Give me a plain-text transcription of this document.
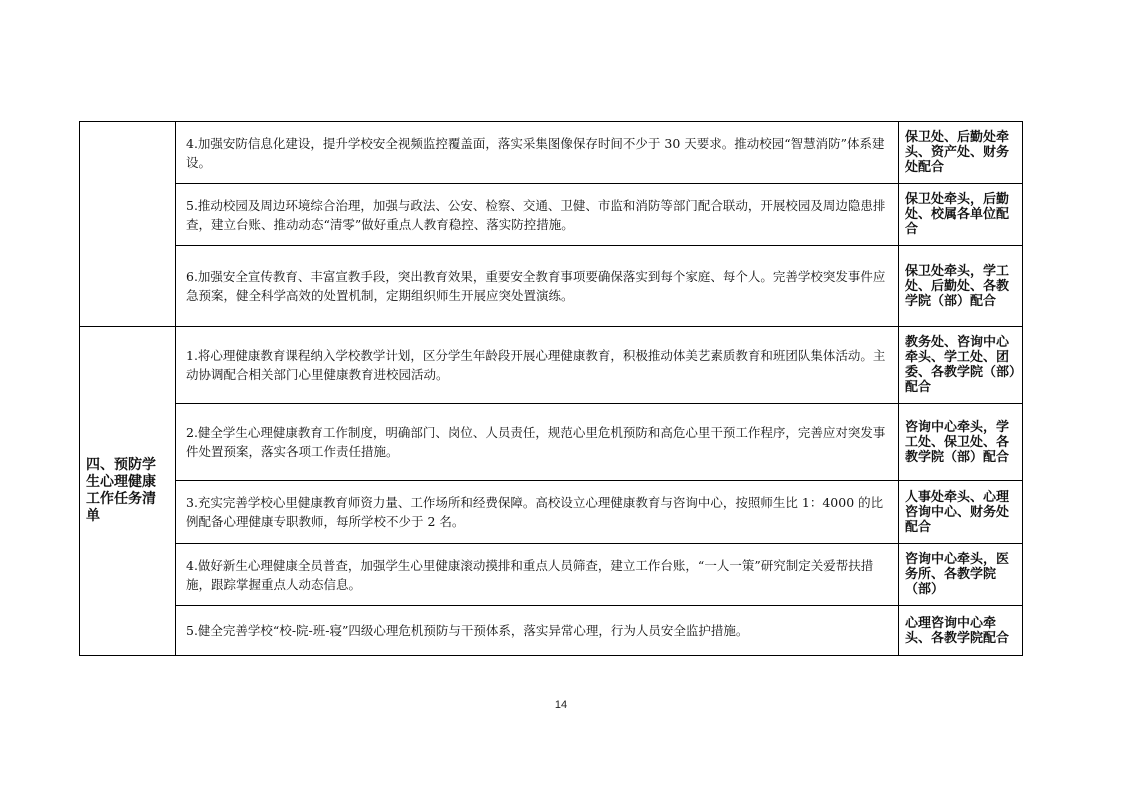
	4.加强安防信息化建设，提升学校安全视频监控覆盖面，落实采集图像保存时间不少于 30 天要求。推动校园“智慧消防”体系建设。	保卫处、后勤处牵头、资产处、财务处配合

	5.推动校园及周边环境综合治理，加强与政法、公安、检察、交通、卫健、市监和消防等部门配合联动，开展校园及周边隐患排查，建立台账、推动动态“清零”做好重点人教育稳控、落实防控措施。	保卫处牵头，后勤处、校属各单位配合

	6.加强安全宣传教育、丰富宣教手段，突出教育效果，重要安全教育事项要确保落实到每个家庭、每个人。完善学校突发事件应急预案，健全科学高效的处置机制，定期组织师生开展应突处置演练。	保卫处牵头，学工处、后勤处、各教学院（部）配合
四、预防学生心理健康工作任务清单	1.将心理健康教育课程纳入学校教学计划，区分学生年龄段开展心理健康教育，积极推动体美艺素质教育和班团队集体活动。主动协调配合相关部门心里健康教育进校园活动。	教务处、咨询中心牵头、学工处、团委、各教学院（部）配合

	2.健全学生心理健康教育工作制度，明确部门、岗位、人员责任，规范心里危机预防和高危心里干预工作程序，完善应对突发事件处置预案，落实各项工作责任措施。	咨询中心牵头，学工处、保卫处、各教学院（部）配合

	3.充实完善学校心里健康教育师资力量、工作场所和经费保障。高校设立心理健康教育与咨询中心，按照师生比 1：4000 的比例配备心理健康专职教师，每所学校不少于 2 名。	人事处牵头、心理咨询中心、财务处配合

	4.做好新生心理健康全员普查，加强学生心里健康滚动摸排和重点人员筛查，建立工作台账，“一人一策”研究制定关爱帮扶措施，跟踪掌握重点人动态信息。	咨询中心牵头，医务所、各教学院（部）

	5.健全完善学校“校-院-班-寝”四级心理危机预防与干预体系，落实异常心理，行为人员安全监护措施。	心理咨询中心牵头、各教学院配合
14
